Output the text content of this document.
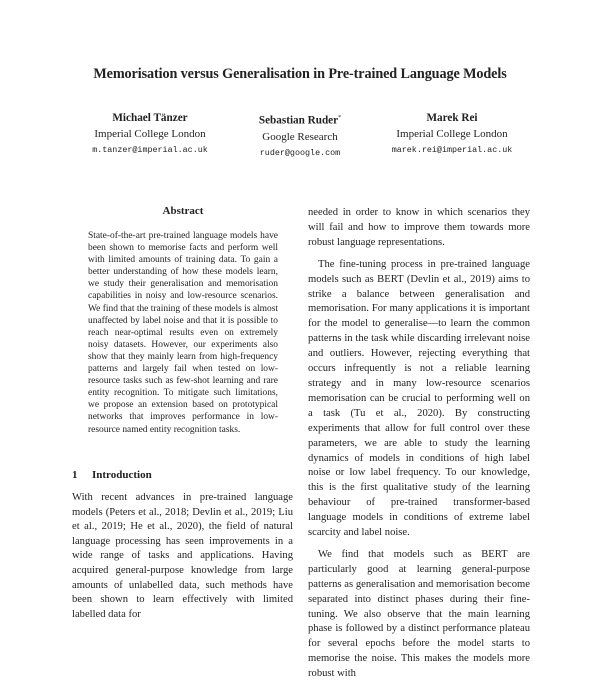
Memorisation versus Generalisation in Pre-trained Language Models
Michael Tänzer
Imperial College London
m.tanzer@imperial.ac.uk
Sebastian Ruder*
Google Research
ruder@google.com
Marek Rei
Imperial College London
marek.rei@imperial.ac.uk
Abstract
State-of-the-art pre-trained language models have been shown to memorise facts and perform well with limited amounts of training data. To gain a better understanding of how these models learn, we study their generalisation and memorisation capabilities in noisy and low-resource scenarios. We find that the training of these models is almost unaffected by label noise and that it is possible to reach near-optimal results even on extremely noisy datasets. However, our experiments also show that they mainly learn from high-frequency patterns and largely fail when tested on low-resource tasks such as few-shot learning and rare entity recognition. To mitigate such limitations, we propose an extension based on prototypical networks that improves performance in low-resource named entity recognition tasks.
1 Introduction

With recent advances in pre-trained language models (Peters et al., 2018; Devlin et al., 2019; Liu et al., 2019; He et al., 2020), the field of natural language processing has seen improvements in a wide range of tasks and applications. Having acquired general-purpose knowledge from large amounts of unlabelled data, such methods have been shown to learn effectively with limited labelled data for

needed in order to know in which scenarios they will fail and how to improve them towards more robust language representations.

The fine-tuning process in pre-trained language models such as BERT (Devlin et al., 2019) aims to strike a balance between generalisation and memorisation. For many applications it is important for the model to generalise—to learn the common patterns in the task while discarding irrelevant noise and outliers. However, rejecting everything that occurs infrequently is not a reliable learning strategy and in many low-resource scenarios memorisation can be crucial to performing well on a task (Tu et al., 2020). By constructing experiments that allow for full control over these parameters, we are able to study the learning dynamics of models in conditions of high label noise or low label frequency. To our knowledge, this is the first qualitative study of the learning behaviour of pre-trained transformer-based language models in conditions of extreme label scarcity and label noise.

We find that models such as BERT are particularly good at learning general-purpose patterns as generalisation and memorisation become separated into distinct phases during their fine-tuning. We also observe that the main learning phase is followed by a distinct performance plateau for several epochs before the model starts to memorise the noise. This makes the models more robust with
